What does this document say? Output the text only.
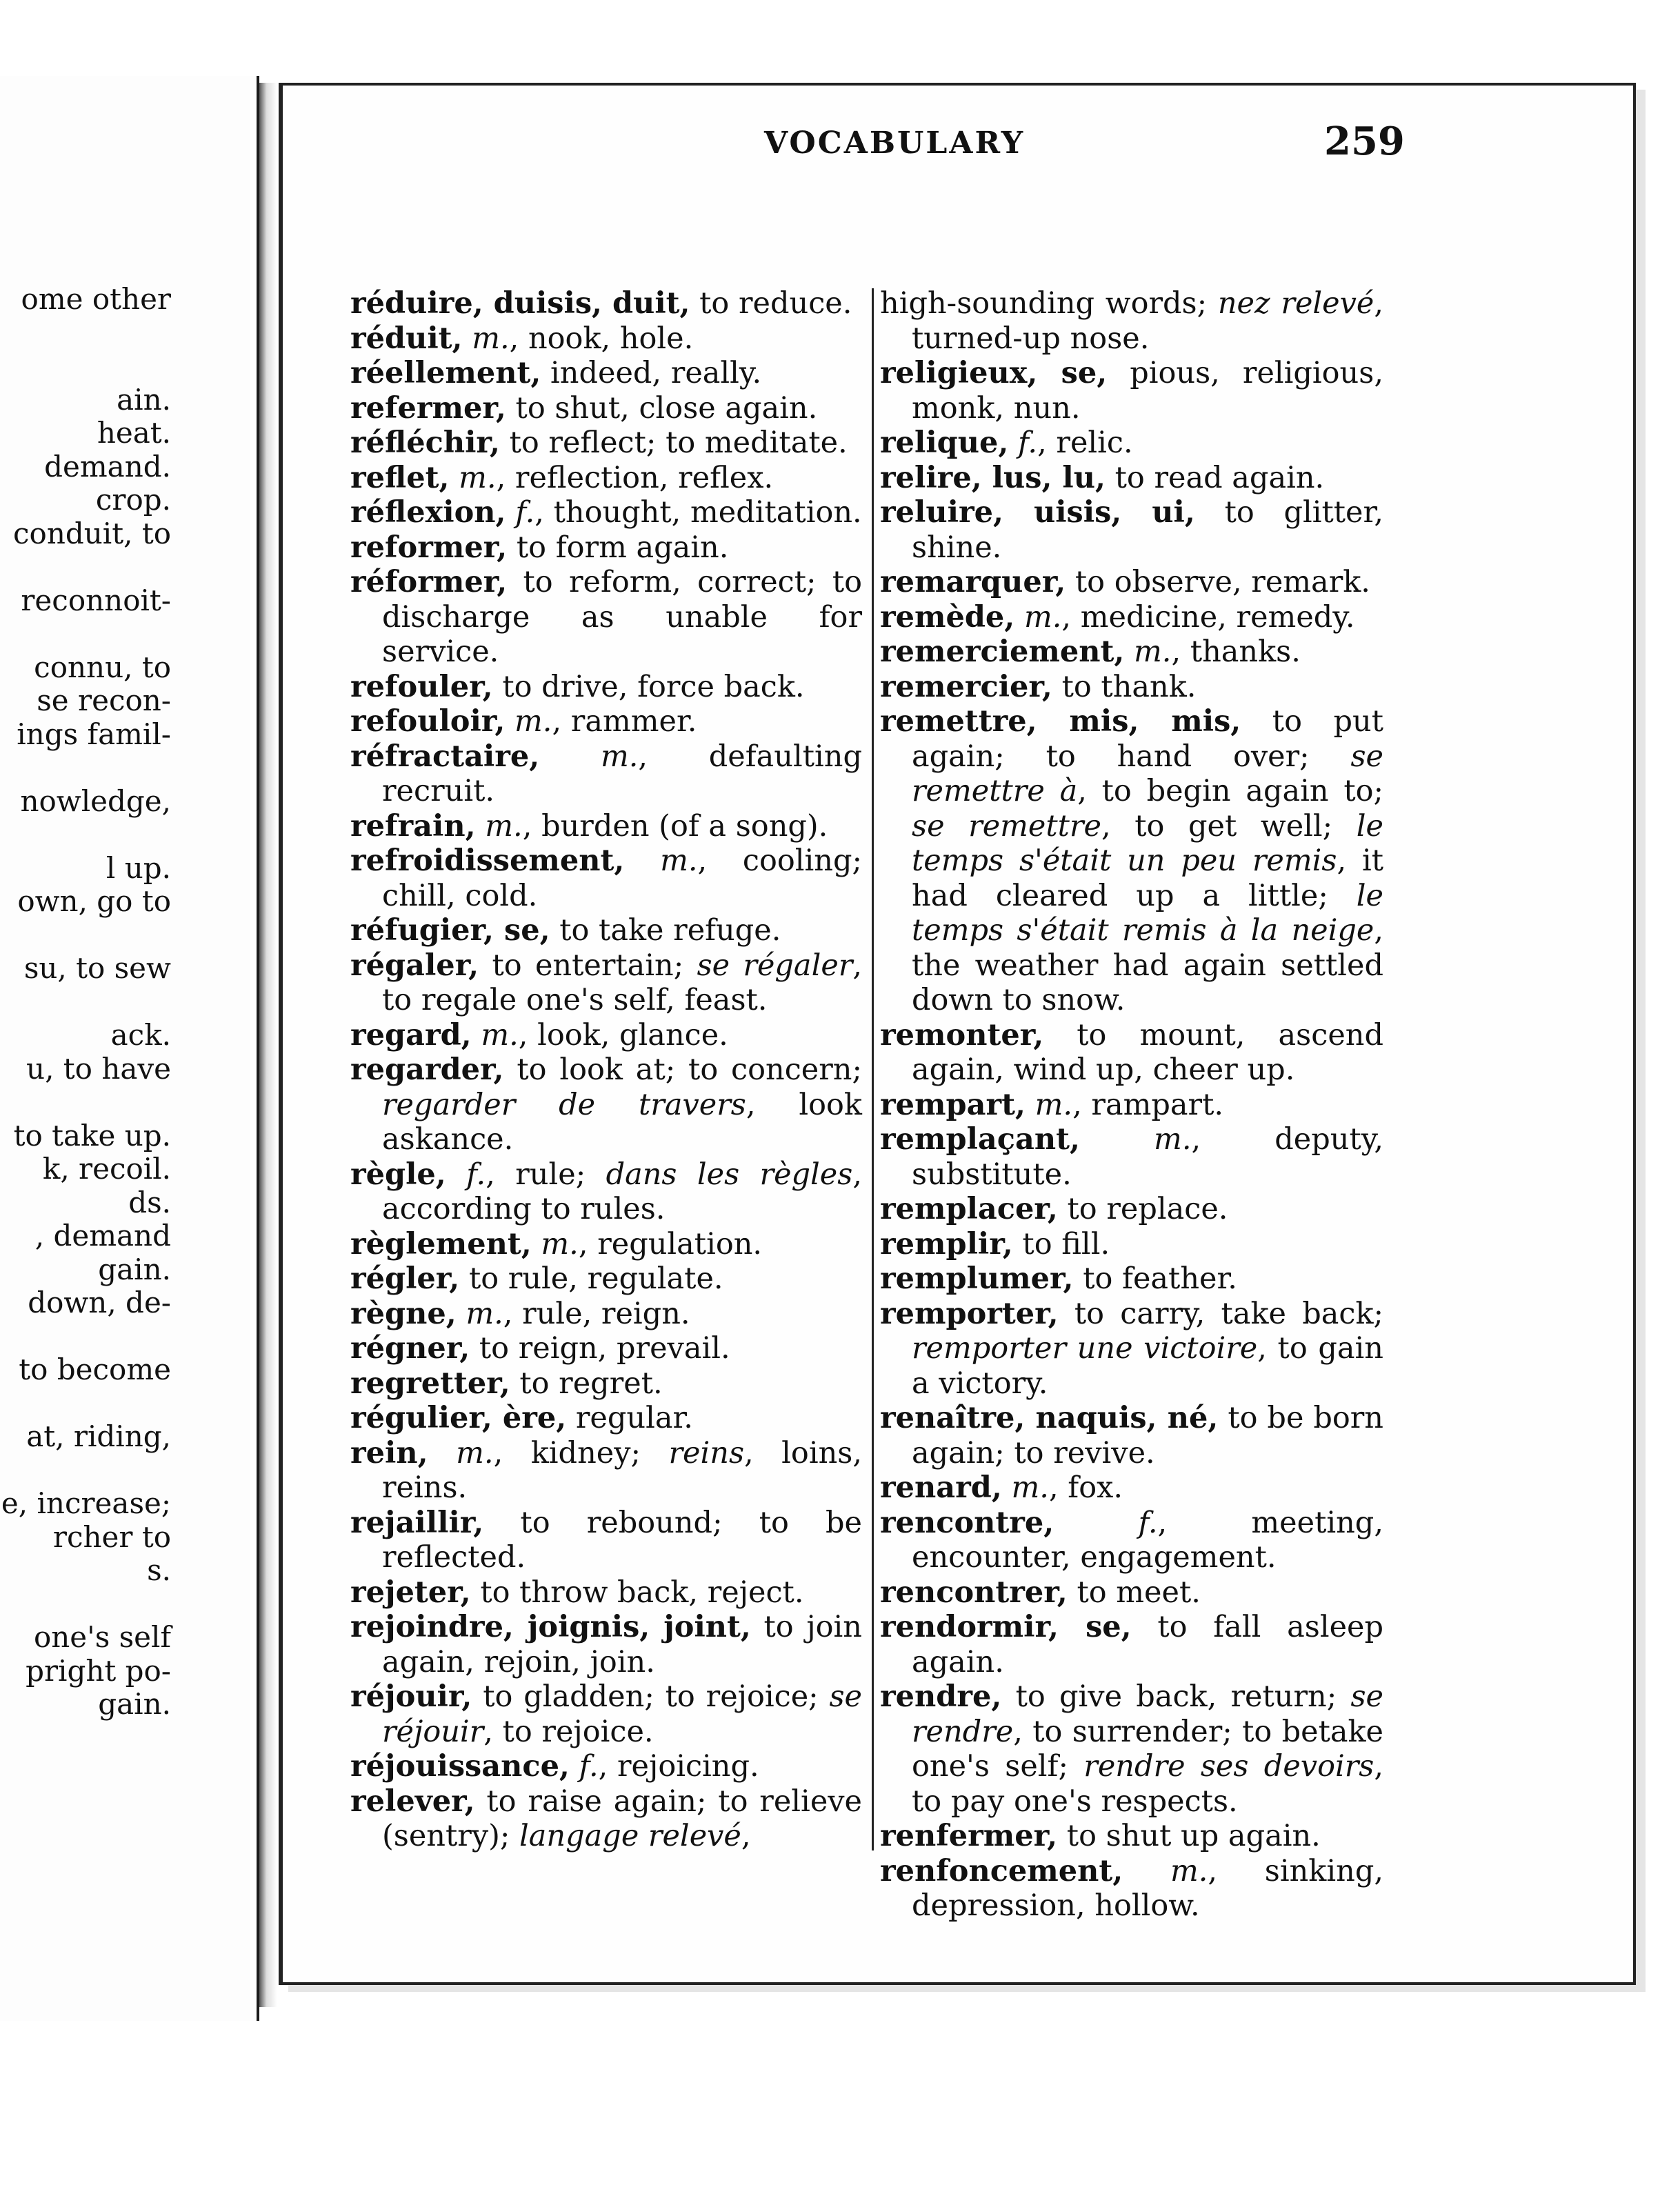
ome other
ain.
heat.
demand.
crop.
conduit, to
reconnoit-
connu, to
se recon-
ings famil-
nowledge,
l up.
own, go to
su, to sew
ack.
u, to have
to take up.
k, recoil.
ds.
, demand
gain.
down, de-
to become
at, riding,
e, increase;
rcher to
s.
one's self
pright po-
gain.
VOCABULARY	259

réduire, duisis, duit, to reduce.

réduit, m., nook, hole.

réellement, indeed, really.

refermer, to shut, close again.

réfléchir, to reflect; to meditate.

reflet, m., reflection, reflex.

réflexion, f., thought, meditation.

reformer, to form again.

réformer, to reform, correct; to discharge as unable for service.

refouler, to drive, force back.

refouloir, m., rammer.

réfractaire, m., defaulting recruit.

refrain, m., burden (of a song).

refroidissement, m., cooling; chill, cold.

réfugier, se, to take refuge.

régaler, to entertain; se régaler, to regale one's self, feast.

regard, m., look, glance.

regarder, to look at; to concern; regarder de travers, look askance.

règle, f., rule; dans les règles, according to rules.

règlement, m., regulation.

régler, to rule, regulate.

règne, m., rule, reign.

régner, to reign, prevail.

regretter, to regret.

régulier, ère, regular.

rein, m., kidney; reins, loins, reins.

rejaillir, to rebound; to be reflected.

rejeter, to throw back, reject.

rejoindre, joignis, joint, to join again, rejoin, join.

réjouir, to gladden; to rejoice; se réjouir, to rejoice.

réjouissance, f., rejoicing.

relever, to raise again; to relieve (sentry); langage relevé,

high-sounding words; nez relevé, turned-up nose.

religieux, se, pious, religious, monk, nun.

relique, f., relic.

relire, lus, lu, to read again.

reluire, uisis, ui, to glitter, shine.

remarquer, to observe, remark.

remède, m., medicine, remedy.

remerciement, m., thanks.

remercier, to thank.

remettre, mis, mis, to put again; to hand over; se remettre à, to begin again to; se remettre, to get well; le temps s'était un peu remis, it had cleared up a little; le temps s'était remis à la neige, the weather had again settled down to snow.

remonter, to mount, ascend again, wind up, cheer up.

rempart, m., rampart.

remplaçant, m., deputy, substitute.

remplacer, to replace.

remplir, to fill.

remplumer, to feather.

remporter, to carry, take back; remporter une victoire, to gain a victory.

renaître, naquis, né, to be born again; to revive.

renard, m., fox.

rencontre,	f., meeting, encounter, engagement.

rencontrer, to meet.

rendormir, se, to fall asleep again.

rendre, to give back, return; se rendre, to surrender; to betake one's self; rendre ses devoirs, to pay one's respects.

renfermer, to shut up again.

renfoncement, m., sinking, depression, hollow.
